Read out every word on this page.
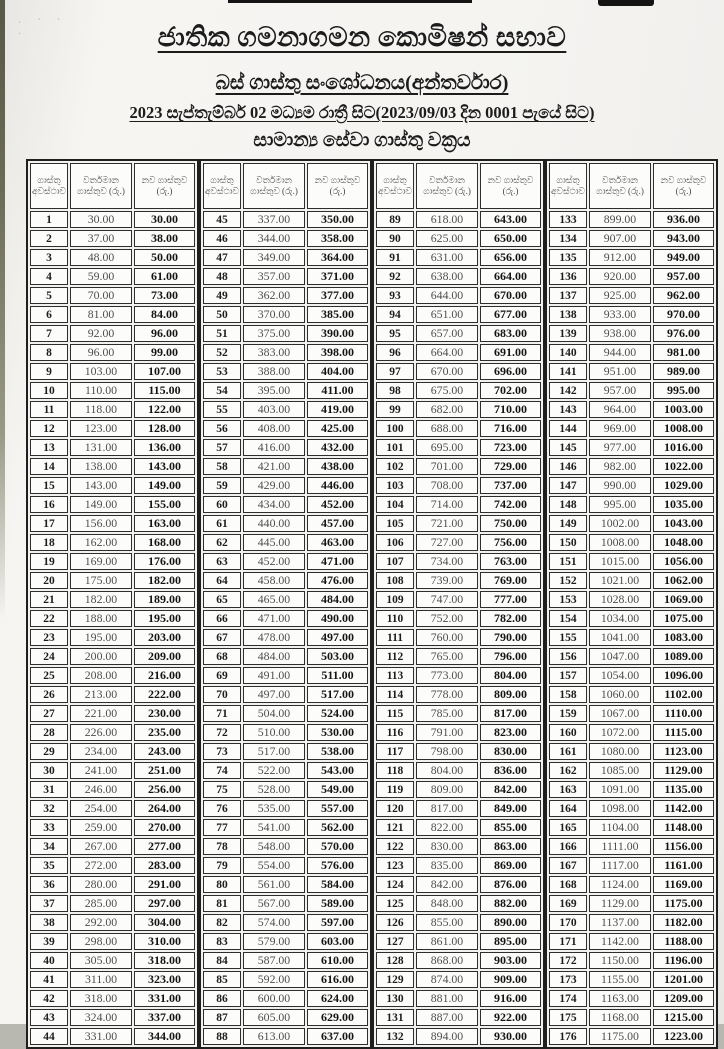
· ´ `
·	ජාතික ගමනාගමන කොමිෂන් සභාව
බස් ගාස්තු සංශෝධනය(අන්තර්වාර)
2023 සැප්තැම්බර් 02 මධ්‍යම රාත්‍රී සිට(2023/09/03 දින 0001 පැයේ සිට)
සාමාන්‍ය සේවා ගාස්තු වක්‍රය
ගාස්තු අවස්ථාව	වර්තමාන ගාස්තුව (රු.)	නව ගාස්තුව (රු.)
1	30.00	30.00
2	37.00	38.00
3	48.00	50.00
4	59.00	61.00
5	70.00	73.00
6	81.00	84.00
7	92.00	96.00
8	96.00	99.00
9	103.00	107.00
10	110.00	115.00
11	118.00	122.00
12	123.00	128.00
13	131.00	136.00
14	138.00	143.00
15	143.00	149.00
16	149.00	155.00
17	156.00	163.00
18	162.00	168.00
19	169.00	176.00
20	175.00	182.00
21	182.00	189.00
22	188.00	195.00
23	195.00	203.00
24	200.00	209.00
25	208.00	216.00
26	213.00	222.00
27	221.00	230.00
28	226.00	235.00
29	234.00	243.00
30	241.00	251.00
31	246.00	256.00
32	254.00	264.00
33	259.00	270.00
34	267.00	277.00
35	272.00	283.00
36	280.00	291.00
37	285.00	297.00
38	292.00	304.00
39	298.00	310.00
40	305.00	318.00
41	311.00	323.00
42	318.00	331.00
43	324.00	337.00
44	331.00	344.00
ගාස්තු අවස්ථාව	වර්තමාන ගාස්තුව (රු.)	නව ගාස්තුව (රු.)
45	337.00	350.00
46	344.00	358.00
47	349.00	364.00
48	357.00	371.00
49	362.00	377.00
50	370.00	385.00
51	375.00	390.00
52	383.00	398.00
53	388.00	404.00
54	395.00	411.00
55	403.00	419.00
56	408.00	425.00
57	416.00	432.00
58	421.00	438.00
59	429.00	446.00
60	434.00	452.00
61	440.00	457.00
62	445.00	463.00
63	452.00	471.00
64	458.00	476.00
65	465.00	484.00
66	471.00	490.00
67	478.00	497.00
68	484.00	503.00
69	491.00	511.00
70	497.00	517.00
71	504.00	524.00
72	510.00	530.00
73	517.00	538.00
74	522.00	543.00
75	528.00	549.00
76	535.00	557.00
77	541.00	562.00
78	548.00	570.00
79	554.00	576.00
80	561.00	584.00
81	567.00	589.00
82	574.00	597.00
83	579.00	603.00
84	587.00	610.00
85	592.00	616.00
86	600.00	624.00
87	605.00	629.00
88	613.00	637.00
ගාස්තු අවස්ථාව	වර්තමාන ගාස්තුව (රු.)	නව ගාස්තුව (රු.)
89	618.00	643.00
90	625.00	650.00
91	631.00	656.00
92	638.00	664.00
93	644.00	670.00
94	651.00	677.00
95	657.00	683.00
96	664.00	691.00
97	670.00	696.00
98	675.00	702.00
99	682.00	710.00
100	688.00	716.00
101	695.00	723.00
102	701.00	729.00
103	708.00	737.00
104	714.00	742.00
105	721.00	750.00
106	727.00	756.00
107	734.00	763.00
108	739.00	769.00
109	747.00	777.00
110	752.00	782.00
111	760.00	790.00
112	765.00	796.00
113	773.00	804.00
114	778.00	809.00
115	785.00	817.00
116	791.00	823.00
117	798.00	830.00
118	804.00	836.00
119	809.00	842.00
120	817.00	849.00
121	822.00	855.00
122	830.00	863.00
123	835.00	869.00
124	842.00	876.00
125	848.00	882.00
126	855.00	890.00
127	861.00	895.00
128	868.00	903.00
129	874.00	909.00
130	881.00	916.00
131	887.00	922.00
132	894.00	930.00
ගාස්තු අවස්ථාව	වර්තමාන ගාස්තුව (රු.)	නව ගාස්තුව (රු.)
133	899.00	936.00
134	907.00	943.00
135	912.00	949.00
136	920.00	957.00
137	925.00	962.00
138	933.00	970.00
139	938.00	976.00
140	944.00	981.00
141	951.00	989.00
142	957.00	995.00
143	964.00	1003.00
144	969.00	1008.00
145	977.00	1016.00
146	982.00	1022.00
147	990.00	1029.00
148	995.00	1035.00
149	1002.00	1043.00
150	1008.00	1048.00
151	1015.00	1056.00
152	1021.00	1062.00
153	1028.00	1069.00
154	1034.00	1075.00
155	1041.00	1083.00
156	1047.00	1089.00
157	1054.00	1096.00
158	1060.00	1102.00
159	1067.00	1110.00
160	1072.00	1115.00
161	1080.00	1123.00
162	1085.00	1129.00
163	1091.00	1135.00
164	1098.00	1142.00
165	1104.00	1148.00
166	1111.00	1156.00
167	1117.00	1161.00
168	1124.00	1169.00
169	1129.00	1175.00
170	1137.00	1182.00
171	1142.00	1188.00
172	1150.00	1196.00
173	1155.00	1201.00
174	1163.00	1209.00
175	1168.00	1215.00
176	1175.00	1223.00
